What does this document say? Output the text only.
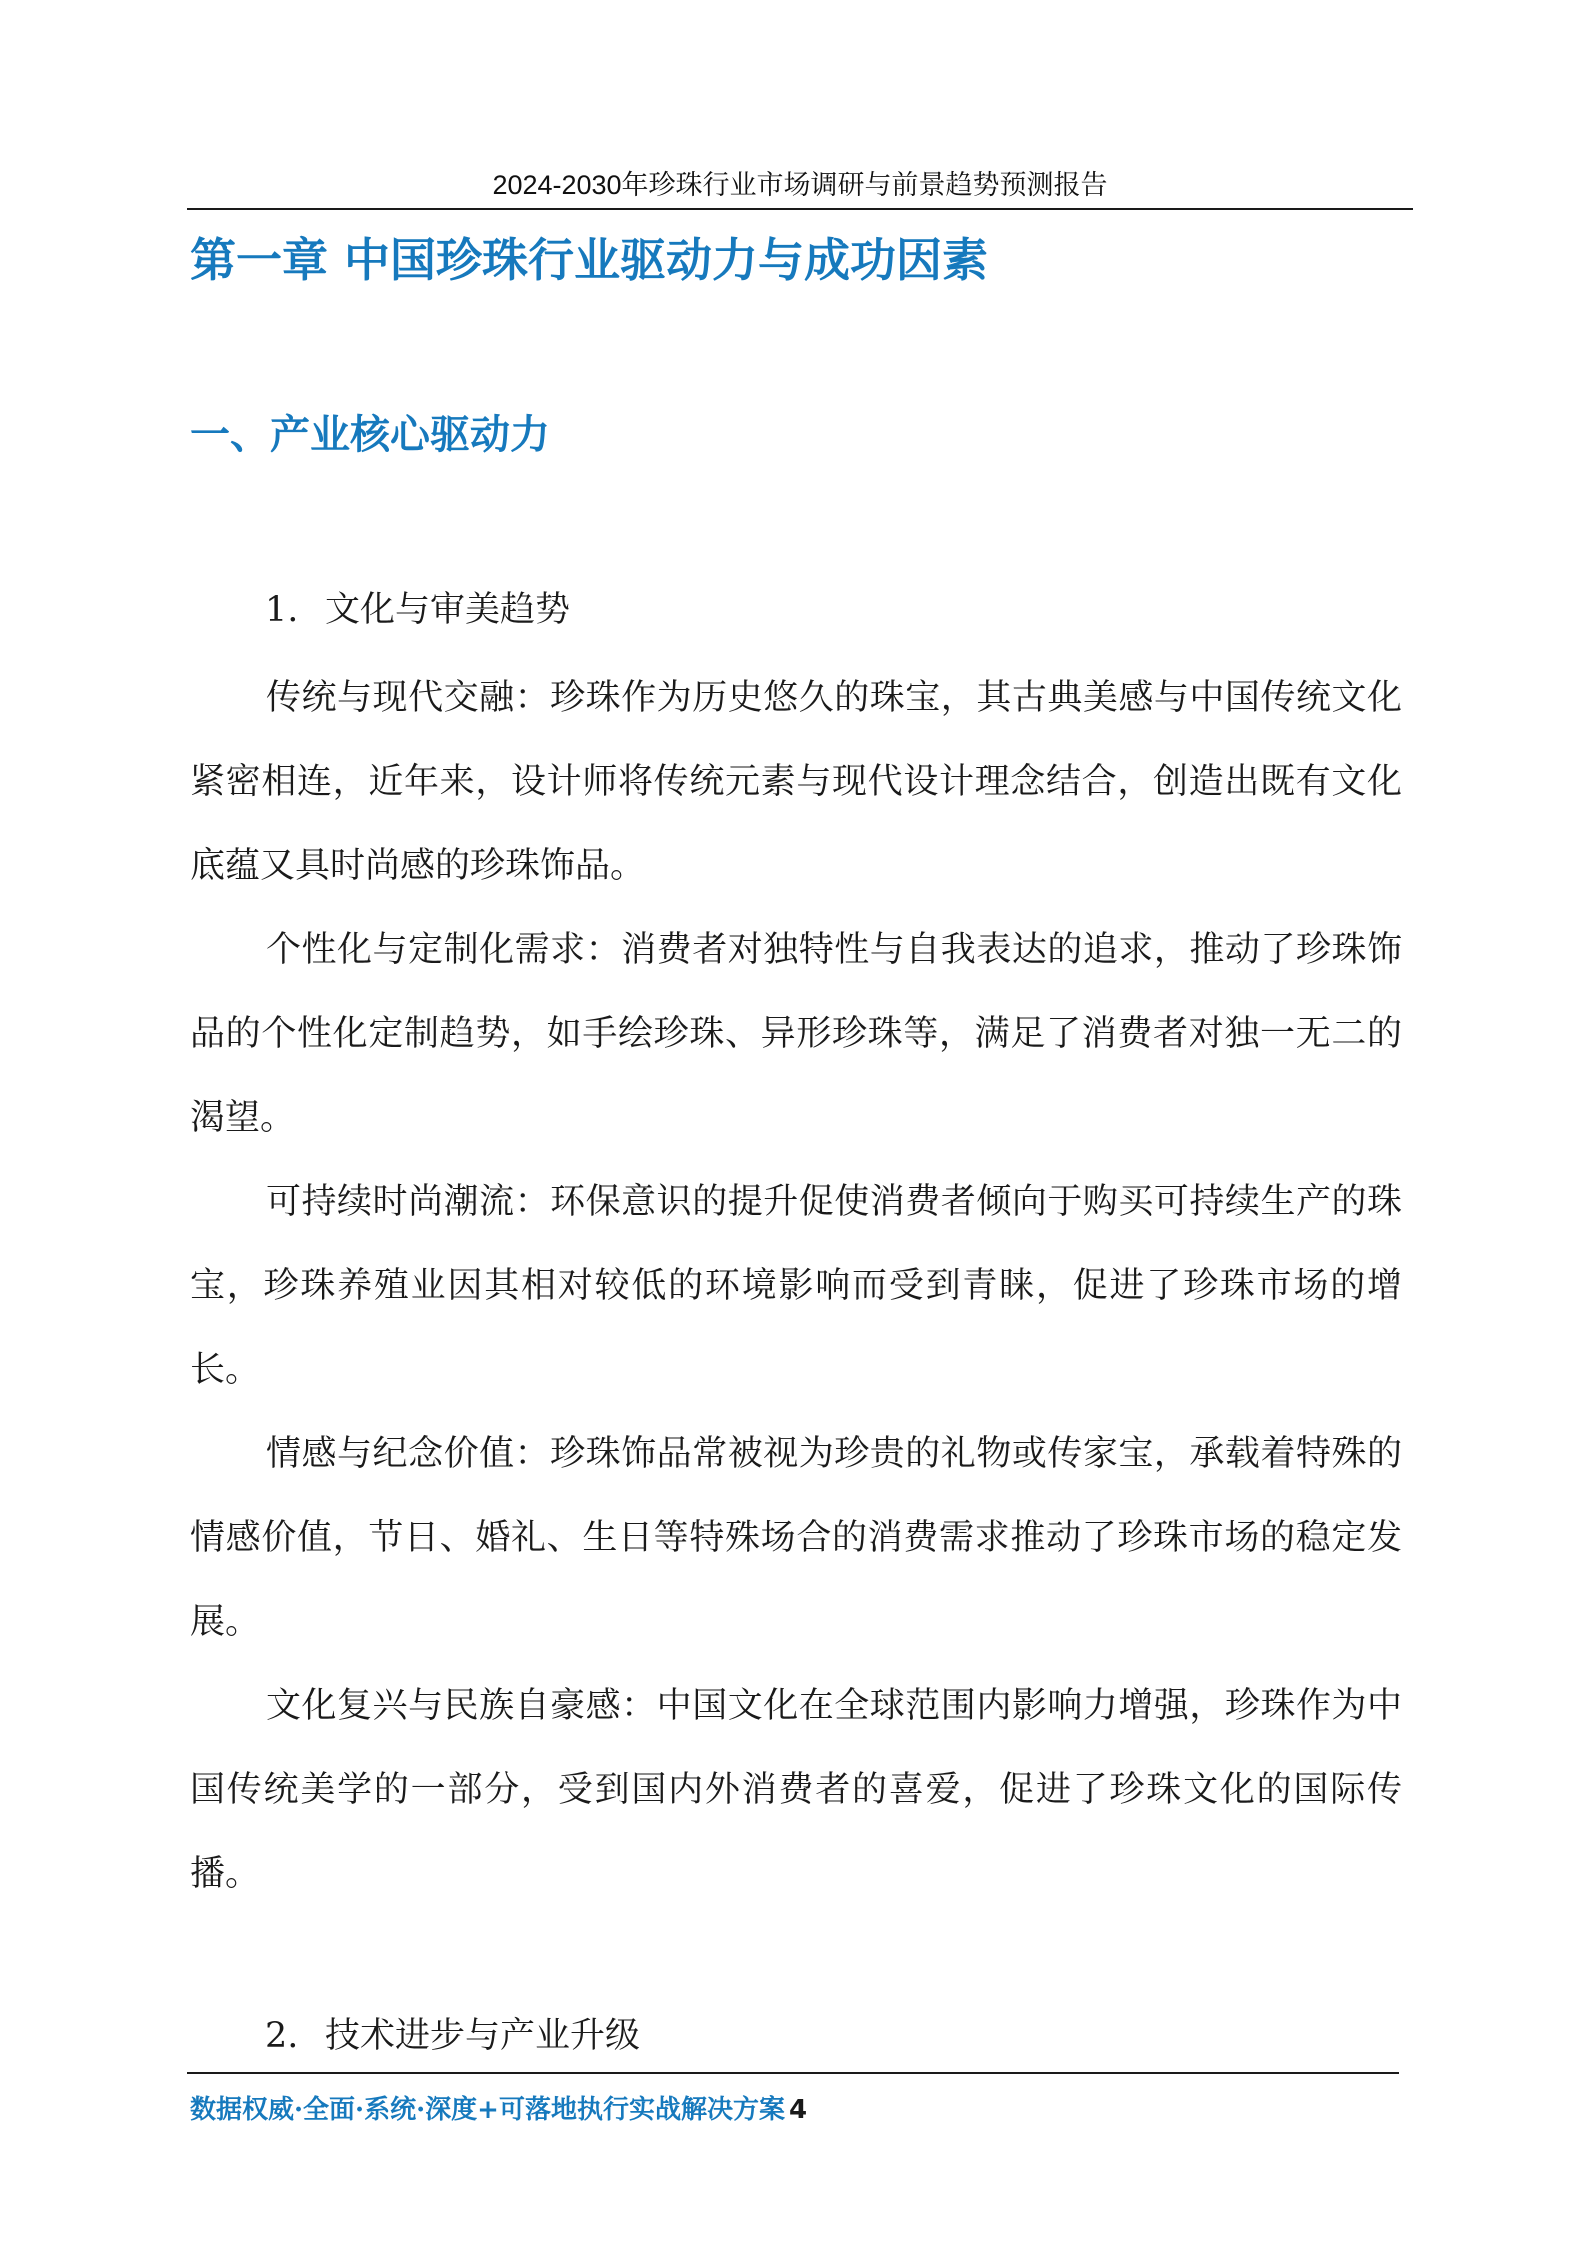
2024-2030年珍珠行业市场调研与前景趋势预测报告
第一章 中国珍珠行业驱动力与成功因素
一、产业核心驱动力
1. 文化与审美趋势

传统与现代交融：珍珠作为历史悠久的珠宝，其古典美感与中国传统文化紧密相连，近年来，设计师将传统元素与现代设计理念结合，创造出既有文化底蕴又具时尚感的珍珠饰品。

个性化与定制化需求：消费者对独特性与自我表达的追求，推动了珍珠饰品的个性化定制趋势，如手绘珍珠、异形珍珠等，满足了消费者对独一无二的渴望。

可持续时尚潮流：环保意识的提升促使消费者倾向于购买可持续生产的珠宝，珍珠养殖业因其相对较低的环境影响而受到青睐，促进了珍珠市场的增长。

情感与纪念价值：珍珠饰品常被视为珍贵的礼物或传家宝，承载着特殊的情感价值，节日、婚礼、生日等特殊场合的消费需求推动了珍珠市场的稳定发展。

文化复兴与民族自豪感：中国文化在全球范围内影响力增强，珍珠作为中国传统美学的一部分，受到国内外消费者的喜爱，促进了珍珠文化的国际传播。

2. 技术进步与产业升级
数据权威·全面·系统·深度+可落地执行实战解决方案 4
